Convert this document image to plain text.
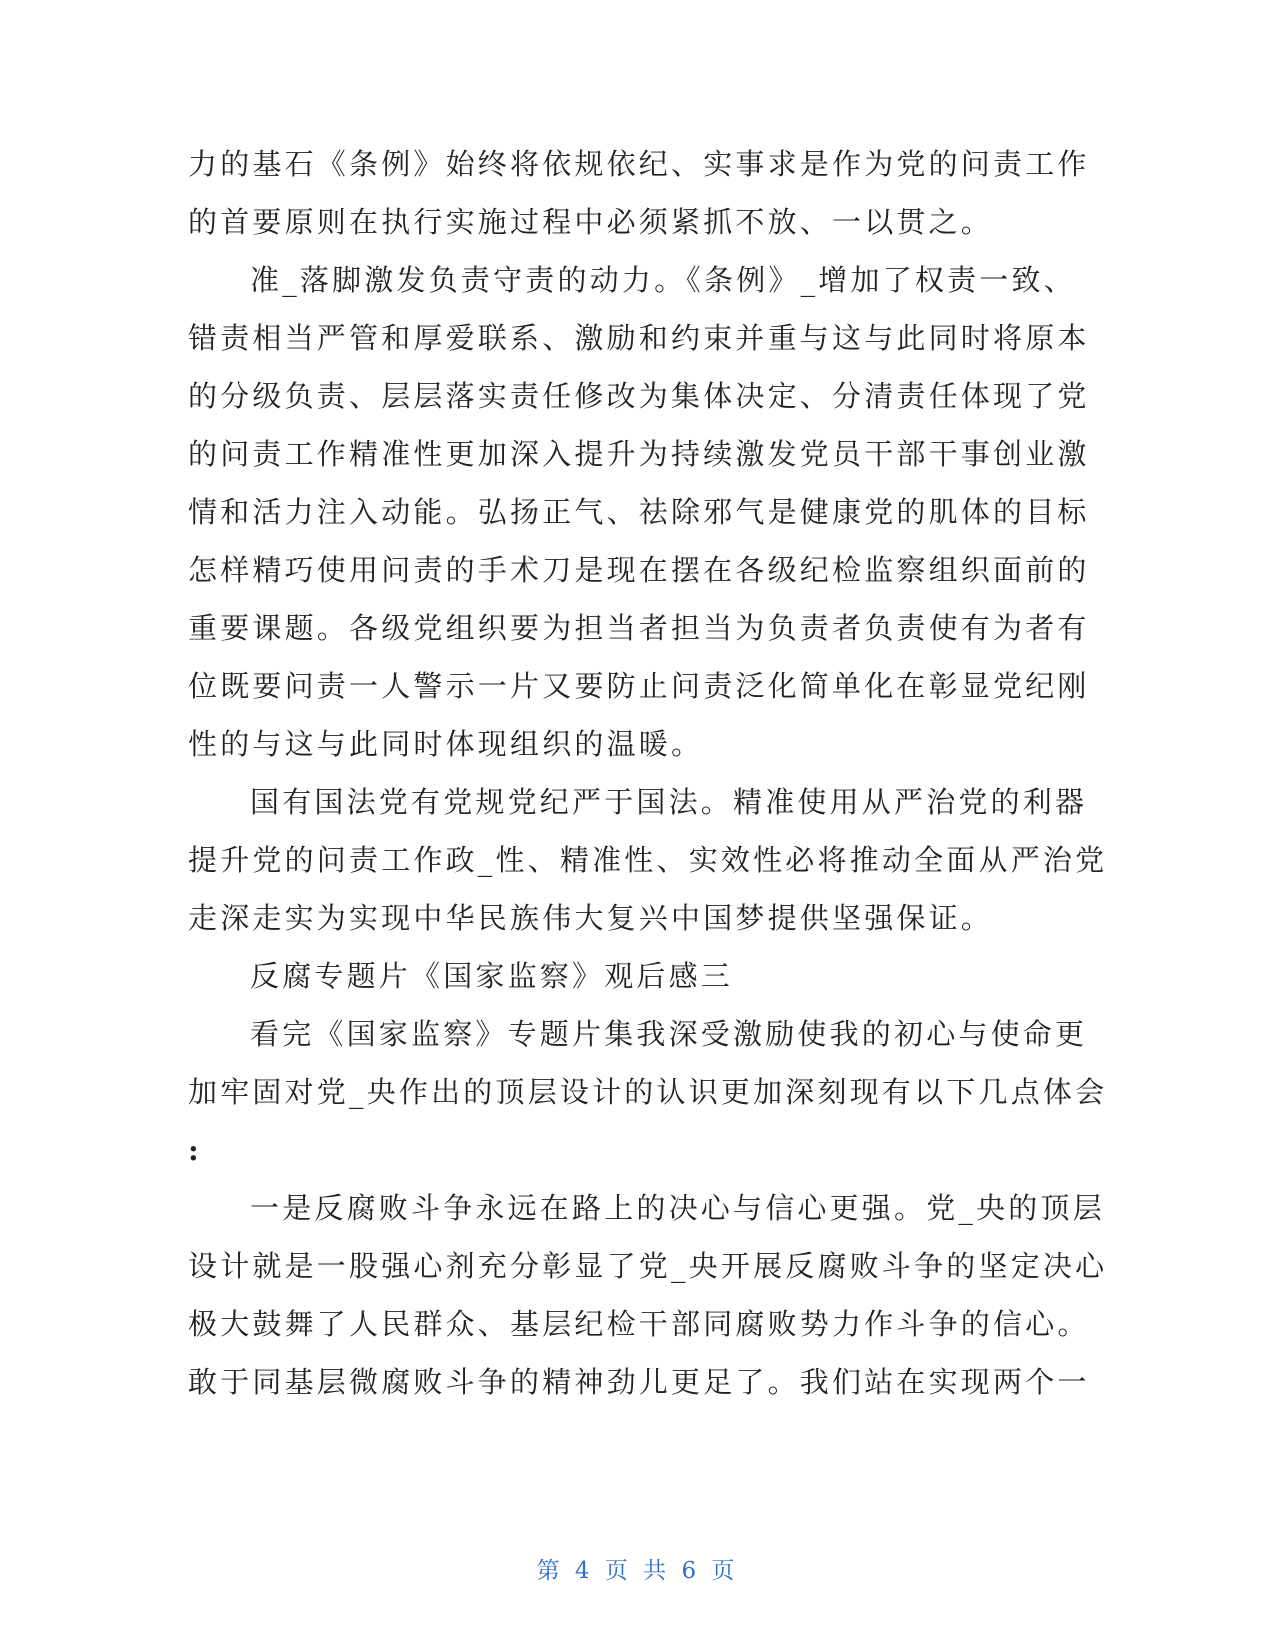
力的基石《条例》始终将依规依纪、实事求是作为党的问责工作
的首要原则在执行实施过程中必须紧抓不放、一以贯之。
准_落脚激发负责守责的动力。《条例》_增加了权责一致、
错责相当严管和厚爱联系、激励和约束并重与这与此同时将原本
的分级负责、层层落实责任修改为集体决定、分清责任体现了党
的问责工作精准性更加深入提升为持续激发党员干部干事创业激
情和活力注入动能。弘扬正气、祛除邪气是健康党的肌体的目标
怎样精巧使用问责的手术刀是现在摆在各级纪检监察组织面前的
重要课题。各级党组织要为担当者担当为负责者负责使有为者有
位既要问责一人警示一片又要防止问责泛化简单化在彰显党纪刚
性的与这与此同时体现组织的温暖。
国有国法党有党规党纪严于国法。精准使用从严治党的利器
提升党的问责工作政_性、精准性、实效性必将推动全面从严治党
走深走实为实现中华民族伟大复兴中国梦提供坚强保证。
反腐专题片《国家监察》观后感三
看完《国家监察》专题片集我深受激励使我的初心与使命更
加牢固对党_央作出的顶层设计的认识更加深刻现有以下几点体会
:
一是反腐败斗争永远在路上的决心与信心更强。党_央的顶层
设计就是一股强心剂充分彰显了党_央开展反腐败斗争的坚定决心
极大鼓舞了人民群众、基层纪检干部同腐败势力作斗争的信心。
敢于同基层微腐败斗争的精神劲儿更足了。我们站在实现两个一
第 4 页 共 6 页
